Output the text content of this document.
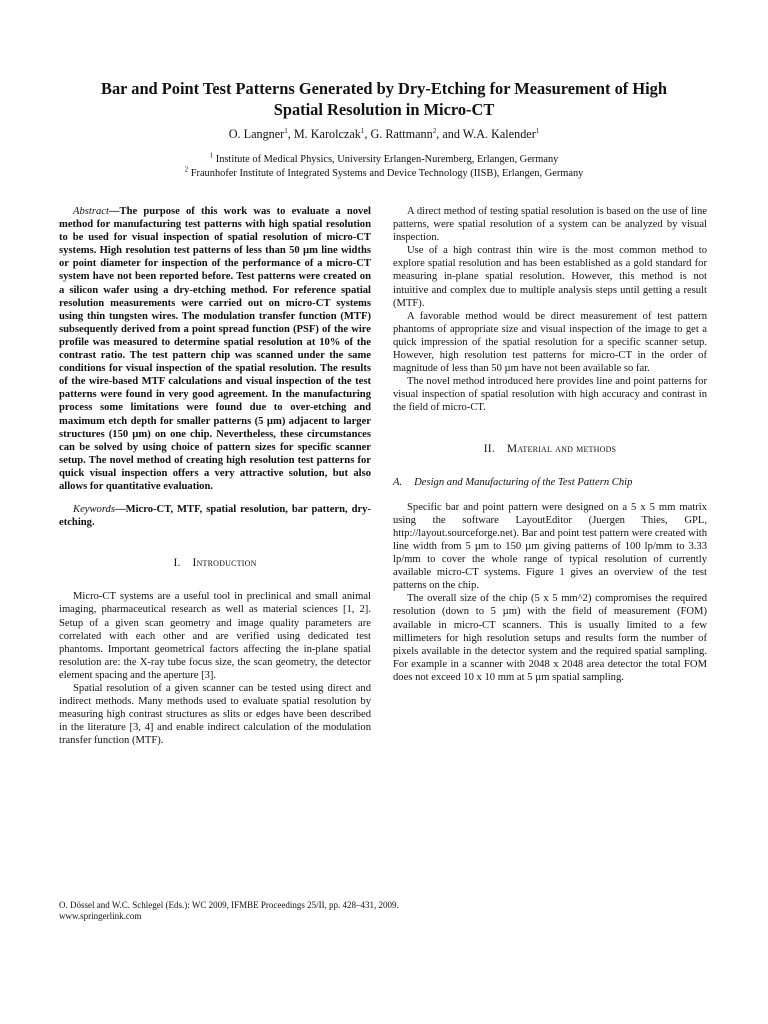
Bar and Point Test Patterns Generated by Dry-Etching for Measurement of High
Spatial Resolution in Micro-CT
O. Langner$^1$, M. Karolczak$^1$, G. Rattmann$^2$, and W.A. Kalender$^1$
$^1$ Institute of Medical Physics, University Erlangen-Nuremberg, Erlangen, Germany
$^2$ Fraunhofer Institute of Integrated Systems and Device Technology (IISB), Erlangen, Germany

Abstract—The purpose of this work was to evaluate a novel method for manufacturing test patterns with high spatial resolution to be used for visual inspection of spatial resolution of micro-CT systems. High resolution test patterns of less than 50 µm line widths or point diameter for inspection of the performance of a micro-CT system have not been reported before. Test patterns were created on a silicon wafer using a dry-etching method. For reference spatial resolution measurements were carried out on micro-CT systems using thin tungsten wires. The modulation transfer function (MTF) subsequently derived from a point spread function (PSF) of the wire profile was measured to determine spatial resolution at 10% of the contrast ratio. The test pattern chip was scanned under the same conditions for visual inspection of the spatial resolution. The results of the wire-based MTF calculations and visual inspection of the test patterns were found in very good agreement. In the manufacturing process some limitations were found due to over-etching and maximum etch depth for smaller patterns (5 µm) adjacent to larger structures (150 µm) on one chip. Nevertheless, these circumstances can be solved by using choice of pattern sizes for specific scanner setup. The novel method of creating high resolution test patterns for quick visual inspection offers a very attractive solution, but also allows for quantitative evaluation.

Keywords—Micro-CT, MTF, spatial resolution, bar pattern, dry-etching.

I. Introduction

Micro-CT systems are a useful tool in preclinical and small animal imaging, pharmaceutical research as well as material sciences [1, 2]. Setup of a given scan geometry and image quality parameters are correlated with each other and are verified using dedicated test phantoms. Important geometrical factors affecting the in-plane spatial resolution are: the X-ray tube focus size, the scan geometry, the detector element spacing and the aperture [3].

Spatial resolution of a given scanner can be tested using direct and indirect methods. Many methods used to evaluate spatial resolution by measuring high contrast structures as slits or edges have been described in the literature [3, 4] and enable indirect calculation of the modulation transfer function (MTF).

A direct method of testing spatial resolution is based on the use of line patterns, were spatial resolution of a system can be analyzed by visual inspection.

Use of a high contrast thin wire is the most common method to explore spatial resolution and has been established as a gold standard for measuring in-plane spatial resolution. However, this method is not intuitive and complex due to multiple analysis steps until getting a result (MTF).

A favorable method would be direct measurement of test pattern phantoms of appropriate size and visual inspection of the image to get a quick impression of the spatial resolution for a specific scanner setup. However, high resolution test patterns for micro-CT in the order of magnitude of less than 50 µm have not been available so far.

The novel method introduced here provides line and point patterns for visual inspection of spatial resolution with high accuracy and contrast in the field of micro-CT.

II. Material and methods
A. Design and Manufacturing of the Test Pattern Chip

Specific bar and point pattern were designed on a 5 x 5 mm matrix using the software LayoutEditor (Juergen Thies, GPL, http://layout.sourceforge.net). Bar and point test pattern were created with line width from 5 µm to 150 µm giving patterns of 100 lp/mm to 3.33 lp/mm to cover the whole range of typical resolution of currently available micro-CT systems. Figure 1 gives an overview of the test patterns on the chip.

The overall size of the chip (5 x 5 mm^2) compromises the required resolution (down to 5 µm) with the field of measurement (FOM) available in micro-CT scanners. This is usually limited to a few millimeters for high resolution setups and results form the number of pixels available in the detector system and the required spatial sampling. For example in a scanner with 2048 x 2048 area detector the total FOM does not exceed 10 x 10 mm at 5 µm spatial sampling.

O. Dössel and W.C. Schlegel (Eds.): WC 2009, IFMBE Proceedings 25/II, pp. 428–431, 2009.
www.springerlink.com
